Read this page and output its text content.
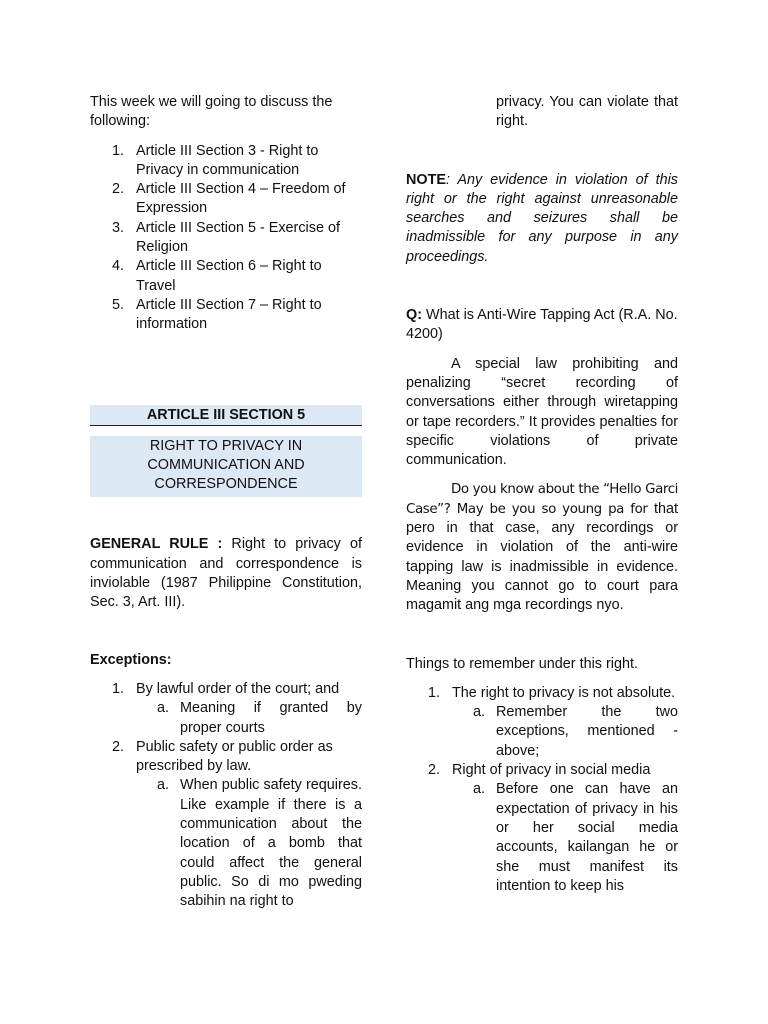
This week we will going to discuss the following:

1. Article III Section 3 - Right to Privacy in communication
2. Article III Section 4 – Freedom of Expression
3. Article III Section 5 - Exercise of Religion
4. Article III Section 6 – Right to Travel
5. Article III Section 7 – Right to information
ARTICLE III SECTION 5
RIGHT TO PRIVACY IN COMMUNICATION AND CORRESPONDENCE

GENERAL RULE : Right to privacy of communication and correspondence is inviolable (1987 Philippine Constitution, Sec. 3, Art. III).

Exceptions:

1. By lawful order of the court; and
a. Meaning if granted by proper courts
2. Public safety or public order as prescribed by law.
a. When public safety requires. Like example if there is a communication about the location of a bomb that could affect the general public. So di mo pweding sabihin na right to

privacy. You can violate that right.

NOTE: Any evidence in violation of this right or the right against unreasonable searches and seizures shall be inadmissible for any purpose in any proceedings.

Q: What is Anti-Wire Tapping Act (R.A. No. 4200)

A special law prohibiting and penalizing “secret recording of conversations either through wiretapping or tape recorders.” It provides penalties for specific violations of private communication.

Do you know about the “Hello Garci Case”? May be you so young pa for that pero in that case, any recordings or evidence in violation of the anti-wire tapping law is inadmissible in evidence. Meaning you cannot go to court para magamit ang mga recordings nyo.

Things to remember under this right.

1. The right to privacy is not absolute.
a. Remember the two exceptions, mentioned - above;
2. Right of privacy in social media
a. Before one can have an expectation of privacy in his or her social media accounts, kailangan he or she must manifest its intention to keep his
